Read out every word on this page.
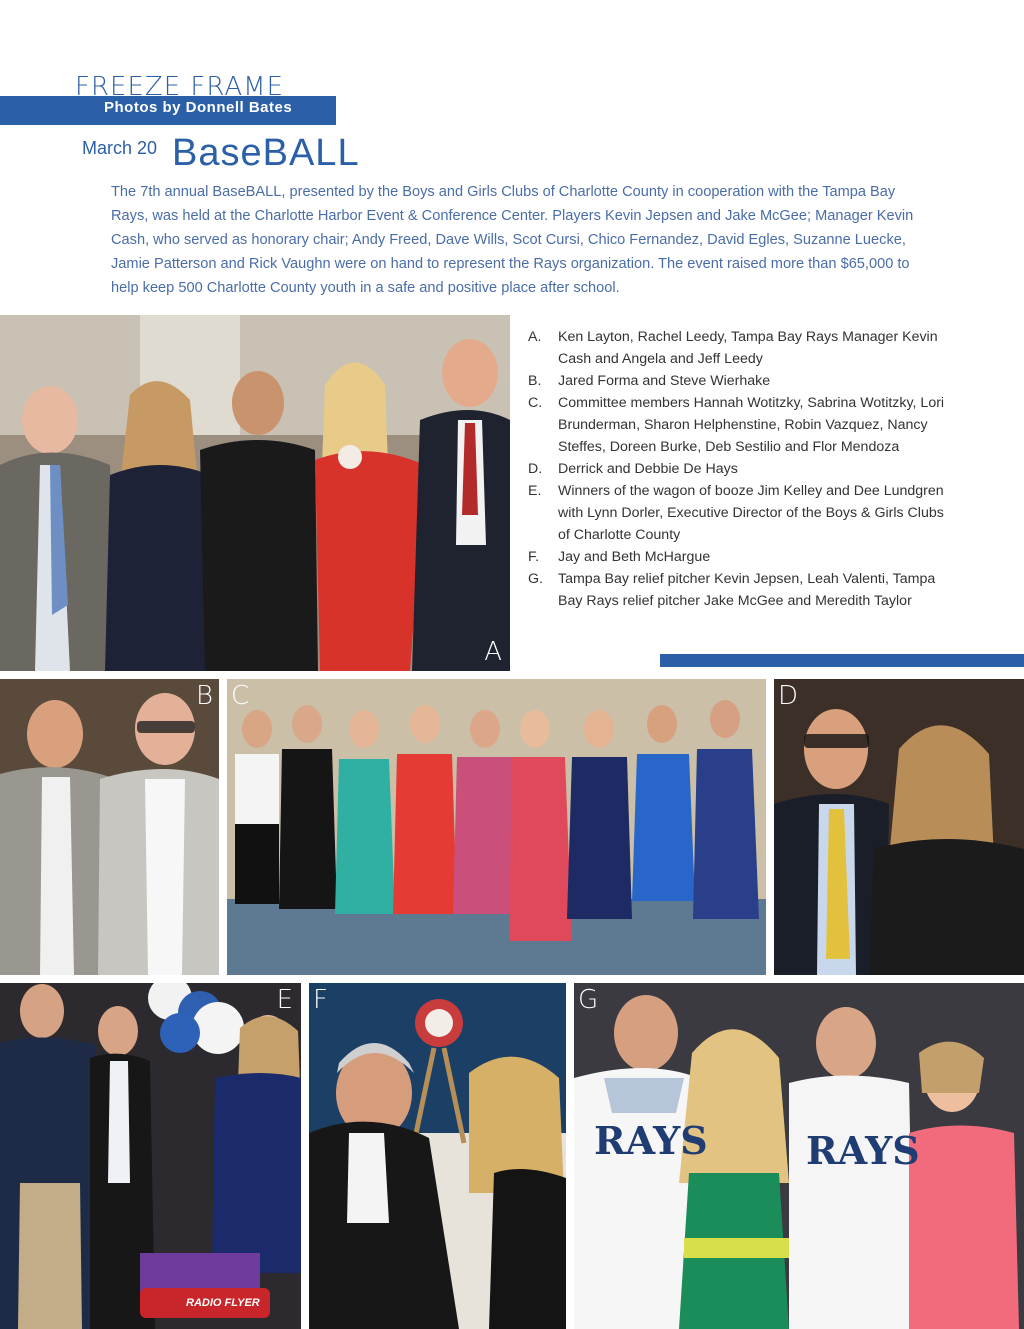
FREEZE FRAME
Photos by Donnell Bates
March 20 BaseBALL
The 7th annual BaseBALL, presented by the Boys and Girls Clubs of Charlotte County in cooperation with the Tampa Bay Rays, was held at the Charlotte Harbor Event & Conference Center. Players Kevin Jepsen and Jake McGee; Manager Kevin Cash, who served as honorary chair; Andy Freed, Dave Wills, Scot Cursi, Chico Fernandez, David Egles, Suzanne Luecke, Jamie Patterson and Rick Vaughn were on hand to represent the Rays organization. The event raised more than $65,000 to help keep 500 Charlotte County youth in a safe and positive place after school.
A
A.	Ken Layton, Rachel Leedy, Tampa Bay Rays Manager Kevin Cash and Angela and Jeff Leedy
B.	Jared Forma and Steve Wierhake
C.	Committee members Hannah Wotitzky, Sabrina Wotitzky, Lori Brunderman, Sharon Helphenstine, Robin Vazquez, Nancy Steffes, Doreen Burke, Deb Sestilio and Flor Mendoza
D.	Derrick and Debbie De Hays
E.	Winners of the wagon of booze Jim Kelley and Dee Lundgren with Lynn Dorler, Executive Director of the Boys & Girls Clubs of Charlotte County
F.	Jay and Beth McHargue
G.	Tampa Bay relief pitcher Kevin Jepsen, Leah Valenti, Tampa Bay Rays relief pitcher Jake McGee and Meredith Taylor
B C	D
E
RADIO FLYER
F
RAYS	RAYS
G
